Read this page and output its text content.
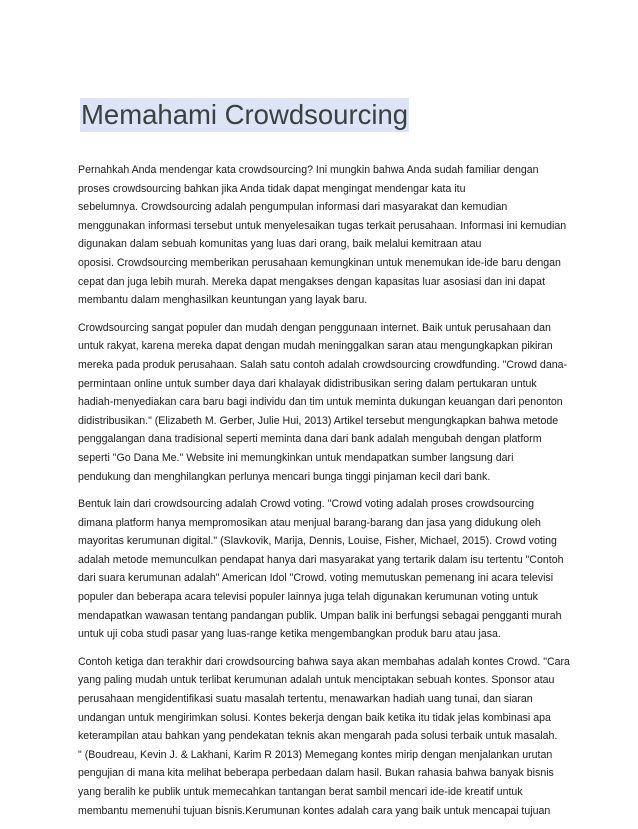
Memahami Crowdsourcing

Pernahkah Anda mendengar kata crowdsourcing? Ini mungkin bahwa Anda sudah familiar dengan
proses crowdsourcing bahkan jika Anda tidak dapat mengingat mendengar kata itu
sebelumnya. Crowdsourcing adalah pengumpulan informasi dari masyarakat dan kemudian
menggunakan informasi tersebut untuk menyelesaikan tugas terkait perusahaan. Informasi ini kemudian
digunakan dalam sebuah komunitas yang luas dari orang, baik melalui kemitraan atau
oposisi. Crowdsourcing memberikan perusahaan kemungkinan untuk menemukan ide-ide baru dengan
cepat dan juga lebih murah. Mereka dapat mengakses dengan kapasitas luar asosiasi dan ini dapat
membantu dalam menghasilkan keuntungan yang layak baru.

Crowdsourcing sangat populer dan mudah dengan penggunaan internet. Baik untuk perusahaan dan
untuk rakyat, karena mereka dapat dengan mudah meninggalkan saran atau mengungkapkan pikiran
mereka pada produk perusahaan. Salah satu contoh adalah crowdsourcing crowdfunding. "Crowd dana-
permintaan online untuk sumber daya dari khalayak didistribusikan sering dalam pertukaran untuk
hadiah-menyediakan cara baru bagi individu dan tim untuk meminta dukungan keuangan dari penonton
didistribusikan." (Elizabeth M. Gerber, Julie Hui, 2013) Artikel tersebut mengungkapkan bahwa metode
penggalangan dana tradisional seperti meminta dana dari bank adalah mengubah dengan platform
seperti "Go Dana Me." Website ini memungkinkan untuk mendapatkan sumber langsung dari
pendukung dan menghilangkan perlunya mencari bunga tinggi pinjaman kecil dari bank.

Bentuk lain dari crowdsourcing adalah Crowd voting. "Crowd voting adalah proses crowdsourcing
dimana platform hanya mempromosikan atau menjual barang-barang dan jasa yang didukung oleh
mayoritas kerumunan digital." (Slavkovik, Marija, Dennis, Louise, Fisher, Michael, 2015). Crowd voting
adalah metode memunculkan pendapat hanya dari masyarakat yang tertarik dalam isu tertentu "Contoh
dari suara kerumunan adalah" American Idol "Crowd. voting memutuskan pemenang ini acara televisi
populer dan beberapa acara televisi populer lainnya juga telah digunakan kerumunan voting untuk
mendapatkan wawasan tentang pandangan publik. Umpan balik ini berfungsi sebagai pengganti murah
untuk uji coba studi pasar yang luas-range ketika mengembangkan produk baru atau jasa.

Contoh ketiga dan terakhir dari crowdsourcing bahwa saya akan membahas adalah kontes Crowd. "Cara
yang paling mudah untuk terlibat kerumunan adalah untuk menciptakan sebuah kontes. Sponsor atau
perusahaan mengidentifikasi suatu masalah tertentu, menawarkan hadiah uang tunai, dan siaran
undangan untuk mengirimkan solusi. Kontes bekerja dengan baik ketika itu tidak jelas kombinasi apa
keterampilan atau bahkan yang pendekatan teknis akan mengarah pada solusi terbaik untuk masalah.
" (Boudreau, Kevin J. & Lakhani, Karim R 2013) Memegang kontes mirip dengan menjalankan urutan
pengujian di mana kita melihat beberapa perbedaan dalam hasil. Bukan rahasia bahwa banyak bisnis
yang beralih ke publik untuk memecahkan tantangan berat sambil mencari ide-ide kreatif untuk
membantu memenuhi tujuan bisnis.Kerumunan kontes adalah cara yang baik untuk mencapai tujuan
